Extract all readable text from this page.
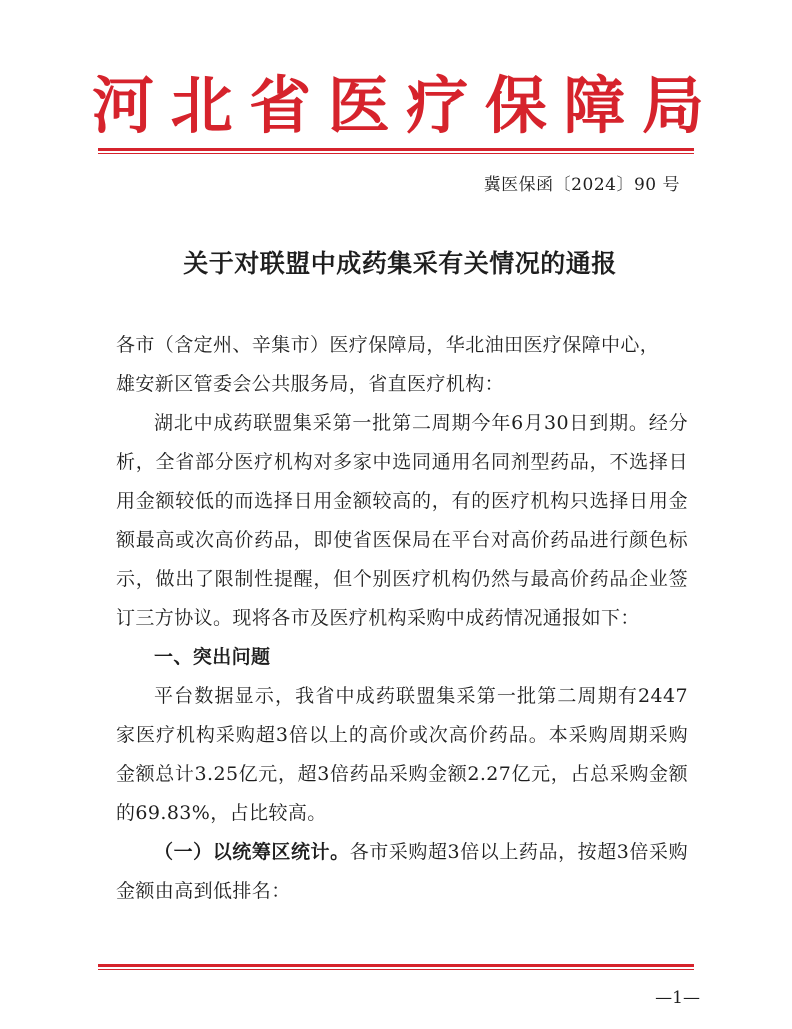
河 北 省 医 疗 保 障 局
冀医保函〔2024〕90 号
关于对联盟中成药集采有关情况的通报

各市（含定州、辛集市）医疗保障局，华北油田医疗保障中心，

雄安新区管委会公共服务局，省直医疗机构：

湖北中成药联盟集采第一批第二周期今年6月30日到期。经分析，全省部分医疗机构对多家中选同通用名同剂型药品，不选择日用金额较低的而选择日用金额较高的，有的医疗机构只选择日用金额最高或次高价药品，即使省医保局在平台对高价药品进行颜色标示，做出了限制性提醒，但个别医疗机构仍然与最高价药品企业签订三方协议。现将各市及医疗机构采购中成药情况通报如下：

一、突出问题

平台数据显示，我省中成药联盟集采第一批第二周期有2447家医疗机构采购超3倍以上的高价或次高价药品。本采购周期采购金额总计3.25亿元，超3倍药品采购金额2.27亿元，占总采购金额的69.83%，占比较高。

（一）以统筹区统计。各市采购超3倍以上药品，按超3倍采购金额由高到低排名：

—1—
